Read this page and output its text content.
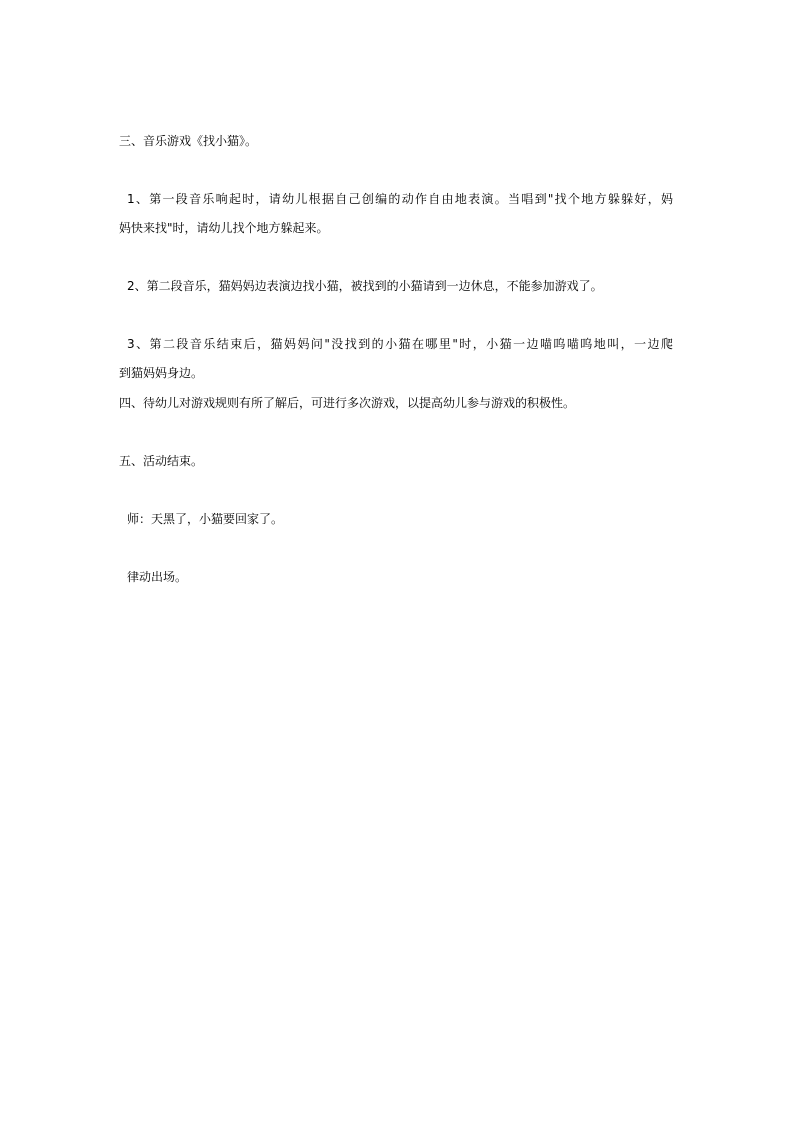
三、音乐游戏《找小猫》。
1、第一段音乐响起时，请幼儿根据自己创编的动作自由地表演。当唱到"找个地方躲躲好，妈
妈快来找"时，请幼儿找个地方躲起来。
2、第二段音乐，猫妈妈边表演边找小猫，被找到的小猫请到一边休息，不能参加游戏了。
3、第二段音乐结束后，猫妈妈问"没找到的小猫在哪里"时，小猫一边喵呜喵呜地叫，一边爬
到猫妈妈身边。
四、待幼儿对游戏规则有所了解后，可进行多次游戏，以提高幼儿参与游戏的积极性。
五、活动结束。
师：天黑了，小猫要回家了。
律动出场。
